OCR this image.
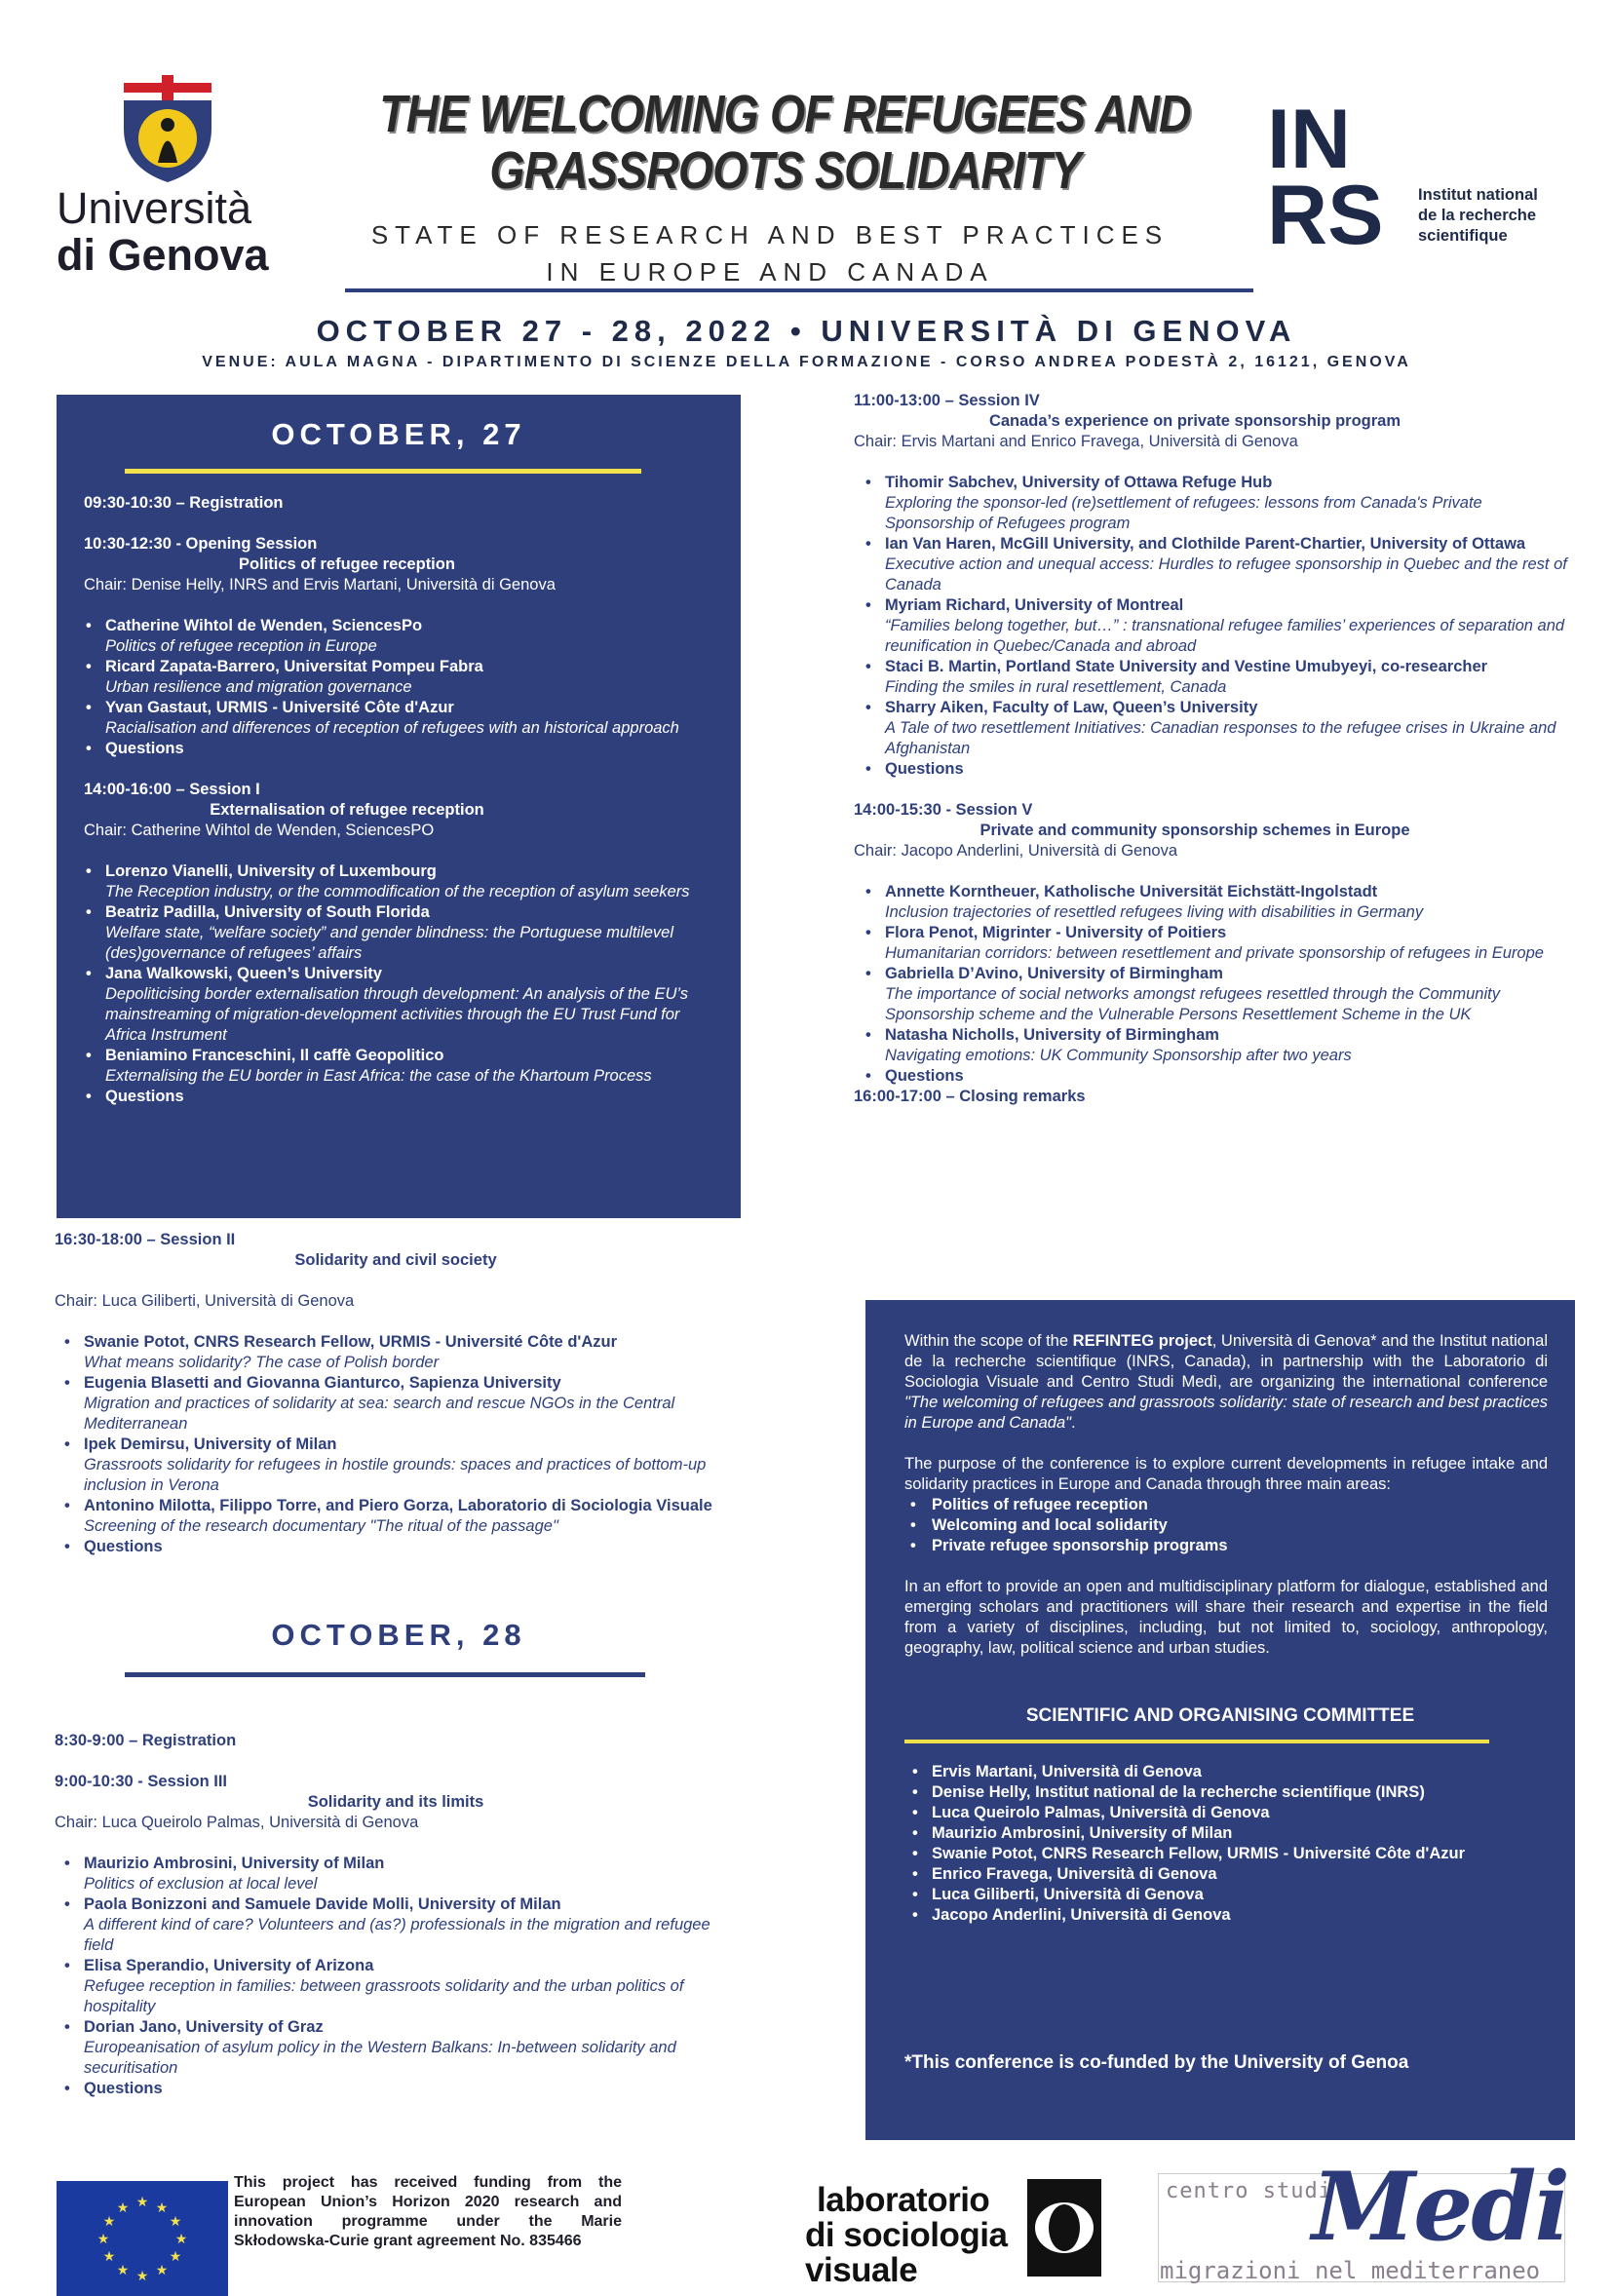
Università
di Genova
THE WELCOMING OF REFUGEES AND GRASSROOTS SOLIDARITY
STATE OF RESEARCH AND BEST PRACTICES
IN EUROPE AND CANADA
IN
RS Institut national
de la recherche
scientifique
OCTOBER 27 - 28, 2022 • UNIVERSITÀ DI GENOVA
VENUE: AULA MAGNA - DIPARTIMENTO DI SCIENZE DELLA FORMAZIONE - CORSO ANDREA PODESTÀ 2, 16121, GENOVA
OCTOBER, 27
09:30-10:30 – Registration
10:30-12:30 - Opening Session
Politics of refugee reception
Chair: Denise Helly, INRS and Ervis Martani, Università di Genova
• Catherine Wihtol de Wenden, SciencesPo
Politics of refugee reception in Europe
• Ricard Zapata-Barrero, Universitat Pompeu Fabra
Urban resilience and migration governance
• Yvan Gastaut, URMIS - Université Côte d'Azur
Racialisation and differences of reception of refugees with an historical approach
• Questions
14:00-16:00 – Session I
Externalisation of refugee reception
Chair: Catherine Wihtol de Wenden, SciencesPO
• Lorenzo Vianelli, University of Luxembourg
The Reception industry, or the commodification of the reception of asylum seekers
• Beatriz Padilla, University of South Florida
Welfare state, “welfare society” and gender blindness: the Portuguese multilevel (des)governance of refugees’ affairs
• Jana Walkowski, Queen’s University
Depoliticising border externalisation through development: An analysis of the EU’s mainstreaming of migration-development activities through the EU Trust Fund for Africa Instrument
• Beniamino Franceschini, Il caffè Geopolitico
Externalising the EU border in East Africa: the case of the Khartoum Process
• Questions
16:30-18:00 – Session II
Solidarity and civil society
Chair: Luca Giliberti, Università di Genova
• Swanie Potot, CNRS Research Fellow, URMIS - Université Côte d'Azur
What means solidarity? The case of Polish border
• Eugenia Blasetti and Giovanna Gianturco, Sapienza University
Migration and practices of solidarity at sea: search and rescue NGOs in the Central Mediterranean
• Ipek Demirsu, University of Milan
Grassroots solidarity for refugees in hostile grounds: spaces and practices of bottom-up inclusion in Verona
• Antonino Milotta, Filippo Torre, and Piero Gorza, Laboratorio di Sociologia Visuale
Screening of the research documentary "The ritual of the passage"
• Questions
OCTOBER, 28
8:30-9:00 – Registration
9:00-10:30 - Session III
Solidarity and its limits
Chair: Luca Queirolo Palmas, Università di Genova
• Maurizio Ambrosini, University of Milan
Politics of exclusion at local level
• Paola Bonizzoni and Samuele Davide Molli, University of Milan
A different kind of care? Volunteers and (as?) professionals in the migration and refugee field
• Elisa Sperandio, University of Arizona
Refugee reception in families: between grassroots solidarity and the urban politics of hospitality
• Dorian Jano, University of Graz
Europeanisation of asylum policy in the Western Balkans: In-between solidarity and securitisation
• Questions
11:00-13:00 – Session IV
Canada’s experience on private sponsorship program
Chair: Ervis Martani and Enrico Fravega, Università di Genova
• Tihomir Sabchev, University of Ottawa Refuge Hub
Exploring the sponsor-led (re)settlement of refugees: lessons from Canada's Private Sponsorship of Refugees program
• Ian Van Haren, McGill University, and Clothilde Parent-Chartier, University of Ottawa
Executive action and unequal access: Hurdles to refugee sponsorship in Quebec and the rest of Canada
• Myriam Richard, University of Montreal
“Families belong together, but…” : transnational refugee families’ experiences of separation and reunification in Quebec/Canada and abroad
• Staci B. Martin, Portland State University and Vestine Umubyeyi, co-researcher
Finding the smiles in rural resettlement, Canada
• Sharry Aiken, Faculty of Law, Queen’s University
A Tale of two resettlement Initiatives: Canadian responses to the refugee crises in Ukraine and Afghanistan
• Questions
14:00-15:30 - Session V
Private and community sponsorship schemes in Europe
Chair: Jacopo Anderlini, Università di Genova
• Annette Korntheuer, Katholische Universität Eichstätt-Ingolstadt
Inclusion trajectories of resettled refugees living with disabilities in Germany
• Flora Penot, Migrinter - University of Poitiers
Humanitarian corridors: between resettlement and private sponsorship of refugees in Europe
• Gabriella D’Avino, University of Birmingham
The importance of social networks amongst refugees resettled through the Community Sponsorship scheme and the Vulnerable Persons Resettlement Scheme in the UK
• Natasha Nicholls, University of Birmingham
Navigating emotions: UK Community Sponsorship after two years
• Questions
16:00-17:00 – Closing remarks
Within the scope of the REFINTEG project, Università di Genova* and the Institut national de la recherche scientifique (INRS, Canada), in partnership with the Laboratorio di Sociologia Visuale and Centro Studi Medì, are organizing the international conference "The welcoming of refugees and grassroots solidarity: state of research and best practices in Europe and Canada".
The purpose of the conference is to explore current developments in refugee intake and solidarity practices in Europe and Canada through three main areas:
• Politics of refugee reception
• Welcoming and local solidarity
• Private refugee sponsorship programs
In an effort to provide an open and multidisciplinary platform for dialogue, established and emerging scholars and practitioners will share their research and expertise in the field from a variety of disciplines, including, but not limited to, sociology, anthropology, geography, law, political science and urban studies.
SCIENTIFIC AND ORGANISING COMMITTEE
• Ervis Martani, Università di Genova
• Denise Helly, Institut national de la recherche scientifique (INRS)
• Luca Queirolo Palmas, Università di Genova
• Maurizio Ambrosini, University of Milan
• Swanie Potot, CNRS Research Fellow, URMIS - Université Côte d'Azur
• Enrico Fravega, Università di Genova
• Luca Giliberti, Università di Genova
• Jacopo Anderlini, Università di Genova
*This conference is co-funded by the University of Genoa
★ ★
★
★
★
★
★
★
★
★
★
★
This project has received funding from the European Union’s Horizon 2020 research and innovation programme under the Marie Skłodowska-Curie grant agreement No. 835466
laboratorio
di sociologia visuale
centro studi
Medi
migrazioni nel mediterraneo
